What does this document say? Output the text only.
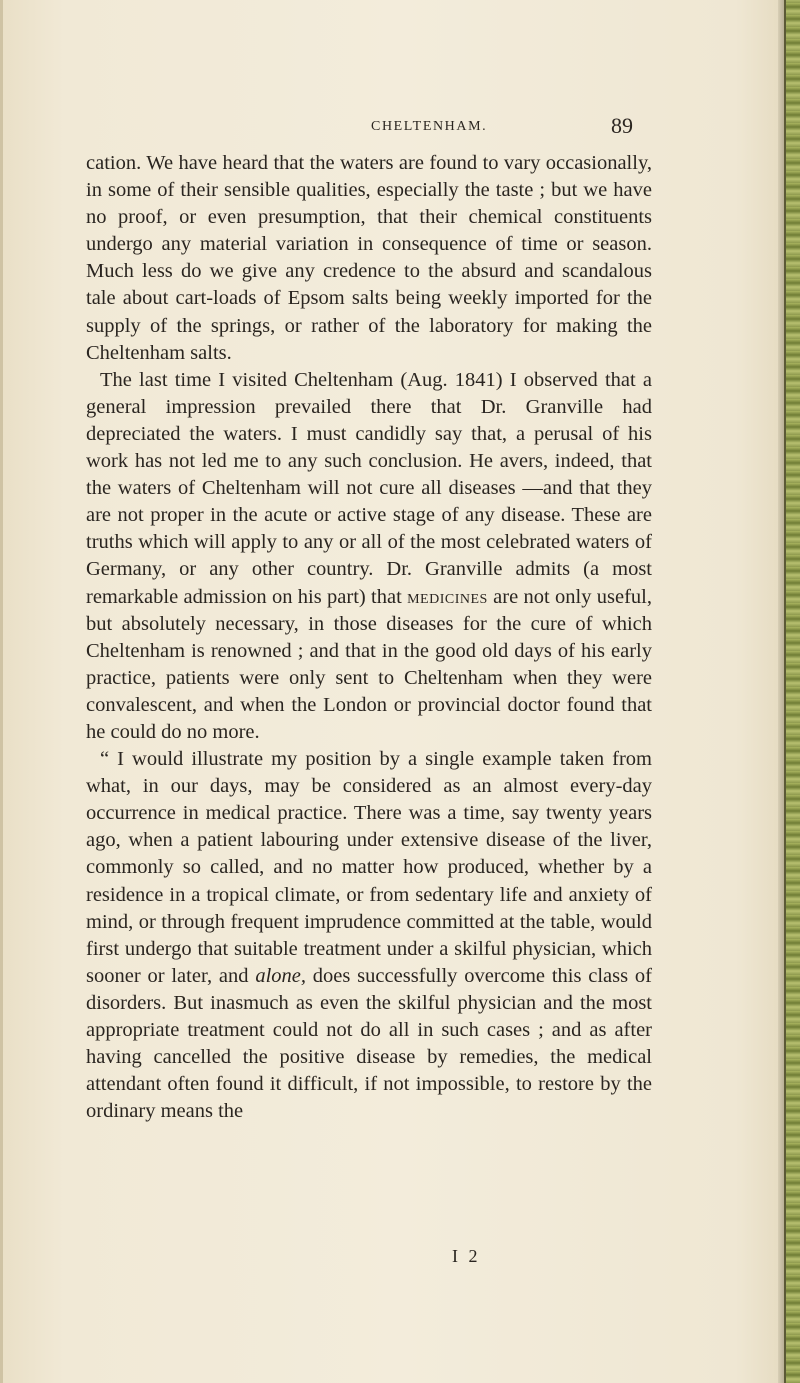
CHELTENHAM.	89

cation. We have heard that the waters are found to vary occasionally, in some of their sensible qualities, especially the taste ; but we have no proof, or even presumption, that their chemical constituents undergo any material variation in consequence of time or season. Much less do we give any credence to the absurd and scandalous tale about cart-loads of Epsom salts being weekly imported for the supply of the springs, or rather of the laboratory for making the Cheltenham salts.

The last time I visited Cheltenham (Aug. 1841) I observed that a general impression prevailed there that Dr. Granville had depreciated the waters. I must candidly say that, a perusal of his work has not led me to any such conclusion. He avers, indeed, that the waters of Cheltenham will not cure all diseases —and that they are not proper in the acute or active stage of any disease. These are truths which will apply to any or all of the most celebrated waters of Germany, or any other country. Dr. Granville admits (a most remarkable admission on his part) that medicines are not only useful, but absolutely necessary, in those diseases for the cure of which Cheltenham is renowned ; and that in the good old days of his early practice, patients were only sent to Cheltenham when they were convalescent, and when the London or provincial doctor found that he could do no more.

“ I would illustrate my position by a single example taken from what, in our days, may be considered as an almost every-day occurrence in medical practice. There was a time, say twenty years ago, when a patient labouring under extensive disease of the liver, commonly so called, and no matter how produced, whether by a residence in a tropical climate, or from sedentary life and anxiety of mind, or through frequent imprudence committed at the table, would first undergo that suitable treatment under a skilful physician, which sooner or later, and alone, does successfully overcome this class of disorders. But inasmuch as even the skilful physician and the most appropriate treatment could not do all in such cases ; and as after having cancelled the positive disease by remedies, the medical attendant often found it difficult, if not impossible, to restore by the ordinary means the

I 2
